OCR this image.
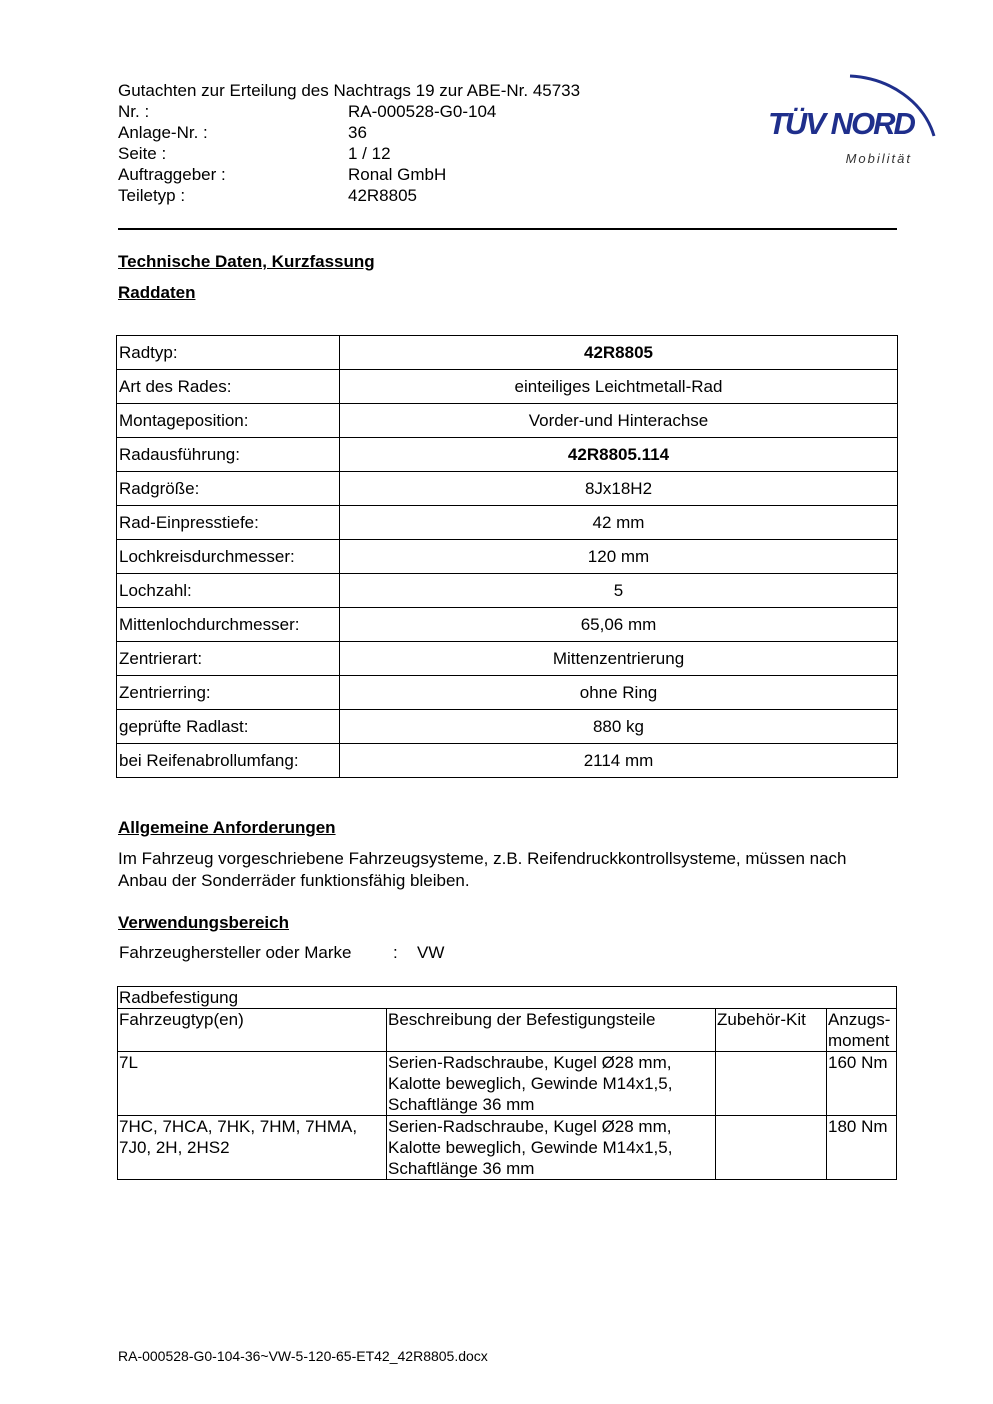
Gutachten zur Erteilung des Nachtrags 19 zur ABE-Nr. 45733
Nr. :	RA-000528-G0-104
Anlage-Nr. :	36
Seite :	1 / 12
Auftraggeber :	Ronal GmbH
Teiletyp :	42R8805
TÜV NORD
Mobilität
Technische Daten, Kurzfassung
Raddaten
Radtyp:	42R8805
Art des Rades:	einteiliges Leichtmetall-Rad
Montageposition:	Vorder-und Hinterachse
Radausführung:	42R8805.114
Radgröße:	8Jx18H2
Rad-Einpresstiefe:	42 mm
Lochkreisdurchmesser:	120 mm
Lochzahl:	5
Mittenlochdurchmesser:	65,06 mm
Zentrierart:	Mittenzentrierung
Zentrierring:	ohne Ring
geprüfte Radlast:	880 kg
bei Reifenabrollumfang:	2114 mm
Allgemeine Anforderungen
Im Fahrzeug vorgeschriebene Fahrzeugsysteme, z.B. Reifendruckkontrollsysteme, müssen nach Anbau der Sonderräder funktionsfähig bleiben.
Verwendungsbereich
Fahrzeughersteller oder Marke : VW
Radbefestigung			
Fahrzeugtyp(en)	Beschreibung der Befestigungsteile	Zubehör-Kit	Anzugs-moment
7L	Serien-Radschraube, Kugel Ø28 mm, Kalotte beweglich, Gewinde M14x1,5, Schaftlänge 36 mm		160 Nm
7HC, 7HCA, 7HK, 7HM, 7HMA, 7J0, 2H, 2HS2	Serien-Radschraube, Kugel Ø28 mm, Kalotte beweglich, Gewinde M14x1,5, Schaftlänge 36 mm		180 Nm
RA-000528-G0-104-36~VW-5-120-65-ET42_42R8805.docx
